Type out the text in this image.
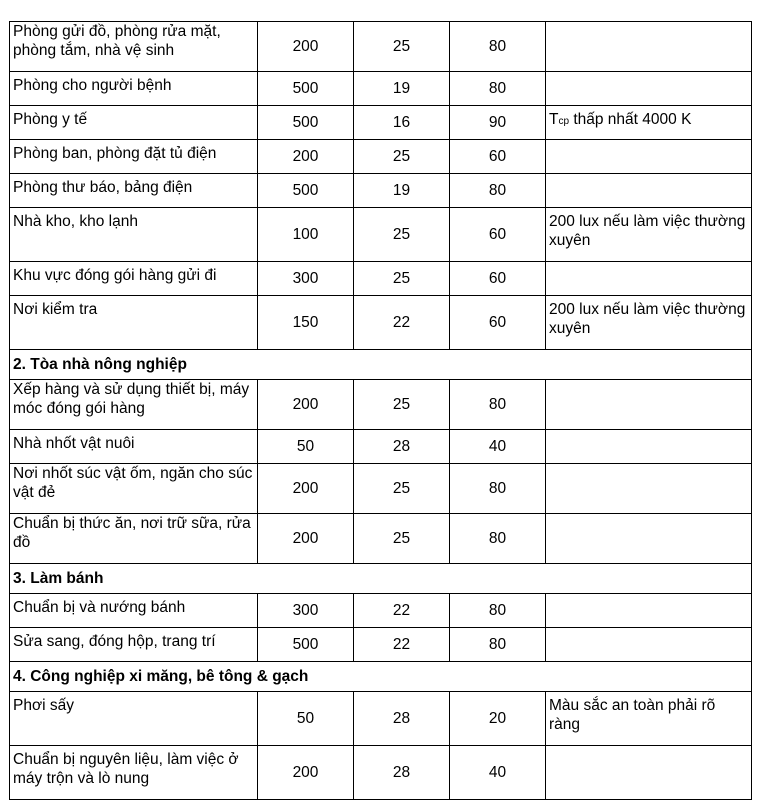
Phòng gửi đồ, phòng rửa mặt, phòng tắm, nhà vệ sinh	200	25	80	
Phòng cho người bệnh	500	19	80	
Phòng y tế	500	16	90	Tcp thấp nhất 4000 K
Phòng ban, phòng đặt tủ điện	200	25	60	
Phòng thư báo, bảng điện	500	19	80	
Nhà kho, kho lạnh	100	25	60	200 lux nếu làm việc thường xuyên
Khu vực đóng gói hàng gửi đi	300	25	60	
Nơi kiểm tra	150	22	60	200 lux nếu làm việc thường xuyên
2. Tòa nhà nông nghiệp				
Xếp hàng và sử dụng thiết bị, máy móc đóng gói hàng	200	25	80	
Nhà nhốt vật nuôi	50	28	40	
Nơi nhốt súc vật ốm, ngăn cho súc vật đẻ	200	25	80	
Chuẩn bị thức ăn, nơi trữ sữa, rửa đồ	200	25	80	
3. Làm bánh				
Chuẩn bị và nướng bánh	300	22	80	
Sửa sang, đóng hộp, trang trí	500	22	80	
4. Công nghiệp xi măng, bê tông & gạch				
Phơi sấy	50	28	20	Màu sắc an toàn phải rõ ràng
Chuẩn bị nguyên liệu, làm việc ở máy trộn và lò nung	200	28	40	
